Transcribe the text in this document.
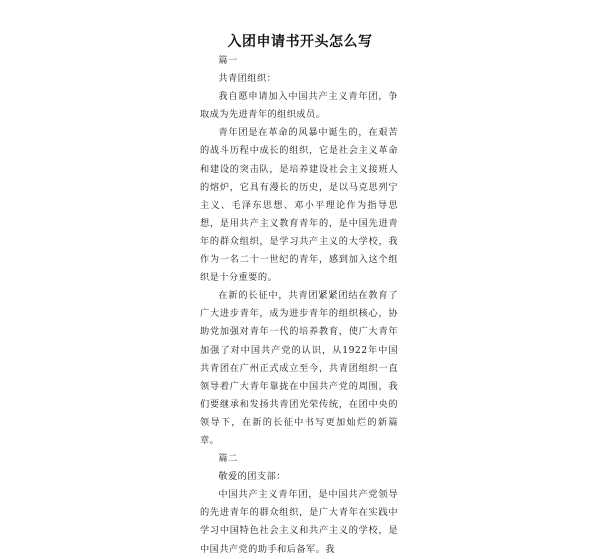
入团申请书开头怎么写

篇一

共青团组织：

我自愿申请加入中国共产主义青年团，争取成为先进青年的组织成员。

青年团是在革命的风暴中诞生的，在艰苦的战斗历程中成长的组织，它是社会主义革命和建设的突击队，是培养建设社会主义接班人的熔炉，它具有漫长的历史，是以马克思列宁主义、毛泽东思想、邓小平理论作为指导思想，是用共产主义教育青年的，是中国先进青年的群众组织，是学习共产主义的大学校，我作为一名二十一世纪的青年，感到加入这个组织是十分重要的。

在新的长征中，共青团紧紧团结在教育了广大进步青年，成为进步青年的组织核心，协助党加强对青年一代的培养教育，使广大青年加强了对中国共产党的认识，从1922年中国共青团在广州正式成立至今，共青团组织一直领导着广大青年靠拢在中国共产党的周围，我们要继承和发扬共青团光荣传统，在团中央的领导下，在新的长征中书写更加灿烂的新篇章。

篇二

敬爱的团支部：

中国共产主义青年团，是中国共产党领导的先进青年的群众组织，是广大青年在实践中学习中国特色社会主义和共产主义的学校，是中国共产党的助手和后备军。我
